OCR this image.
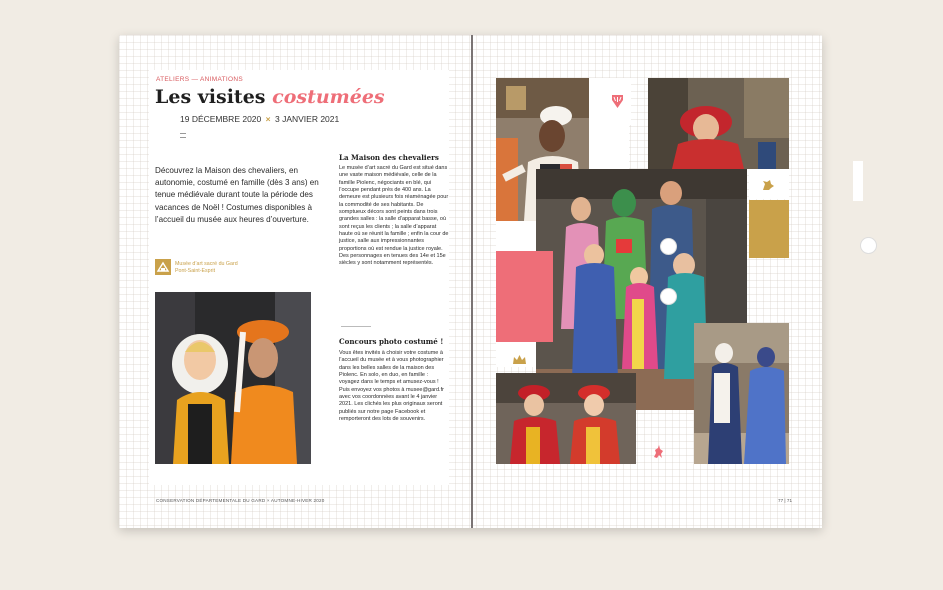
ATELIERS — ANIMATIONS
Les visites costumées
19 DÉCEMBRE 2020 × 3 JANVIER 2021
Découvrez la Maison des chevaliers, en autonomie, costumé en famille (dès 3 ans) en tenue médiévale durant toute la période des vacances de Noël ! Costumes disponibles à l’accueil du musée aux heures d’ouverture.
Musée d’art sacré du Gard
Pont-Saint-Esprit
La Maison des chevaliers
Le musée d’art sacré du Gard est situé dans une vaste maison médiévale, celle de la famille Piolenc, négociants en blé, qui l’occupe pendant près de 400 ans. La demeure est plusieurs fois réaménagée pour la commodité de ses habitants. De somptueux décors sont peints dans trois grandes salles : la salle d’apparat basse, où sont reçus les clients ; la salle d’apparat haute où se réunit la famille ; enfin la cour de justice, salle aux impressionnantes proportions où est rendue la justice royale. Des personnages en tenues des 14e et 15e siècles y sont notamment représentés.
Concours photo costumé !
Vous êtes invités à choisir votre costume à l’accueil du musée et à vous photographier dans les belles salles de la maison des Piolenc. En solo, en duo, en famille : voyagez dans le temps et amusez-vous ! Puis envoyez vos photos à musee@gard.fr avec vos coordonnées avant le 4 janvier 2021. Les clichés les plus originaux seront publiés sur notre page Facebook et remporteront des lots de souvenirs.
CONSERVATION DÉPARTEMENTALE DU GARD × AUTOMNE-HIVER 2020	77 | 71
